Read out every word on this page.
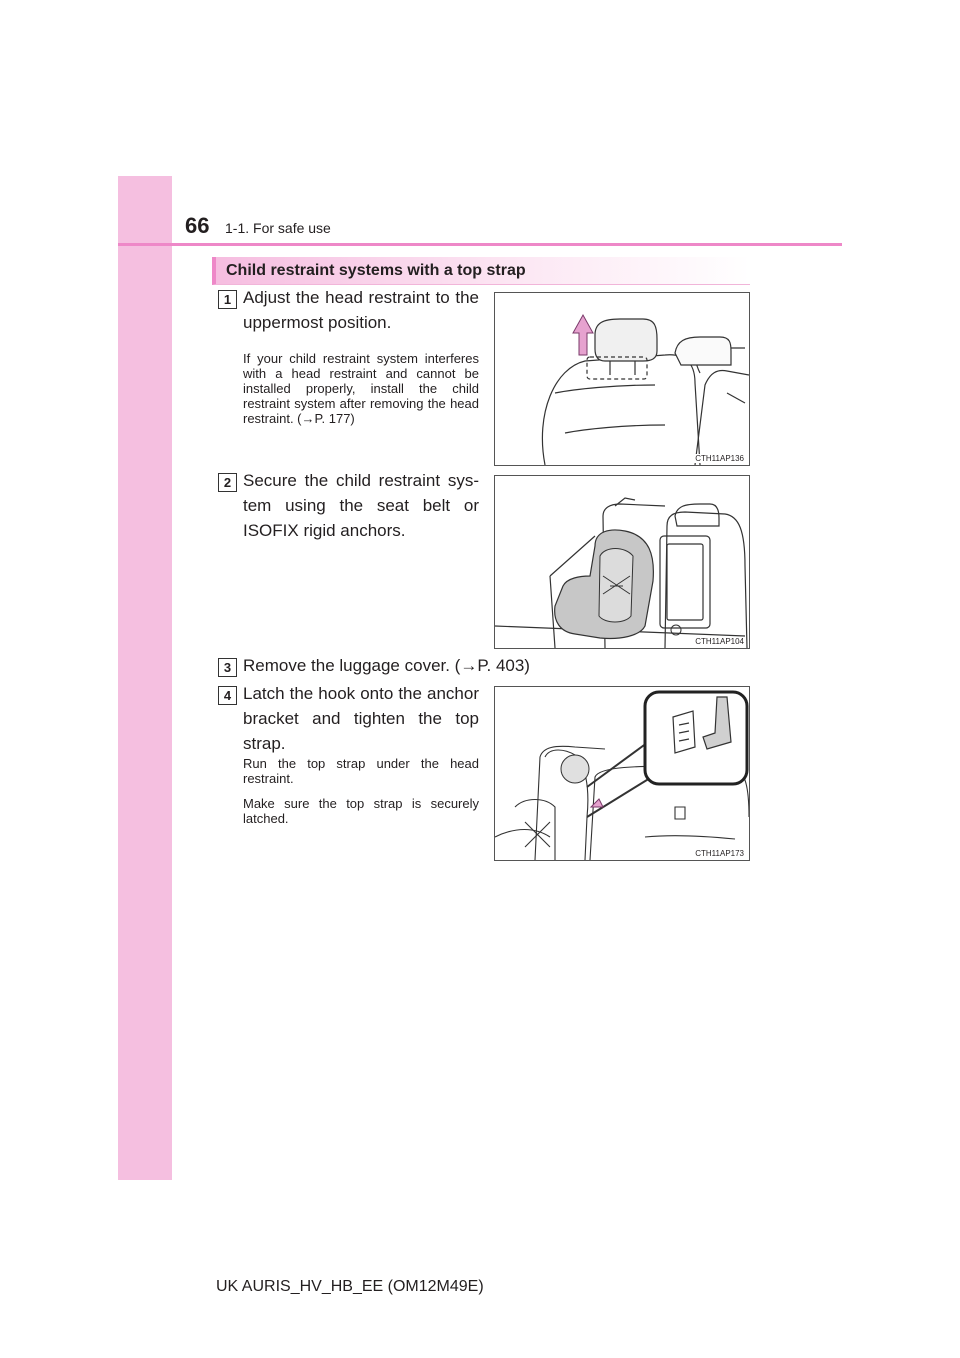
66 1-1. For safe use
Child restraint systems with a top strap
1 Adjust the head restraint to the uppermost position.
If your child restraint system interferes with a head restraint and cannot be installed properly, install the child restraint system after removing the head restraint. (→P. 177)
CTH11AP136
2 Secure the child restraint sys-tem using the seat belt or ISOFIX rigid anchors.
CTH11AP104
3 Remove the luggage cover. (→P. 403)
4 Latch the hook onto the anchor bracket and tighten the top strap.
Run the top strap under the head restraint.
Make sure the top strap is securely latched.
CTH11AP173
UK AURIS_HV_HB_EE (OM12M49E)
